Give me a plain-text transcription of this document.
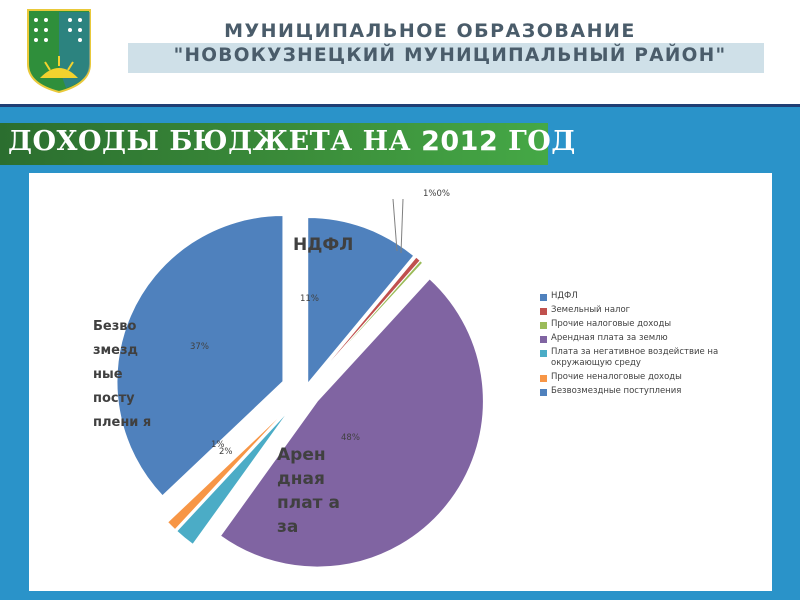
МУНИЦИПАЛЬНОЕ ОБРАЗОВАНИЕ
"НОВОКУЗНЕЦКИЙ МУНИЦИПАЛЬНЫЙ РАЙОН"
ДОХОДЫ БЮДЖЕТА НА 2012 ГОД
НДФЛ
Безво змезд ные посту плени я
Арен дная плат а за
1%0%
11%
37%
48%
1%
2%
НДФЛ
Земельный налог
Прочие налоговые доходы
Арендная плата за землю
Плата за негативное воздействие на окружающую среду
Прочие неналоговые доходы
Безвозмездные поступления
